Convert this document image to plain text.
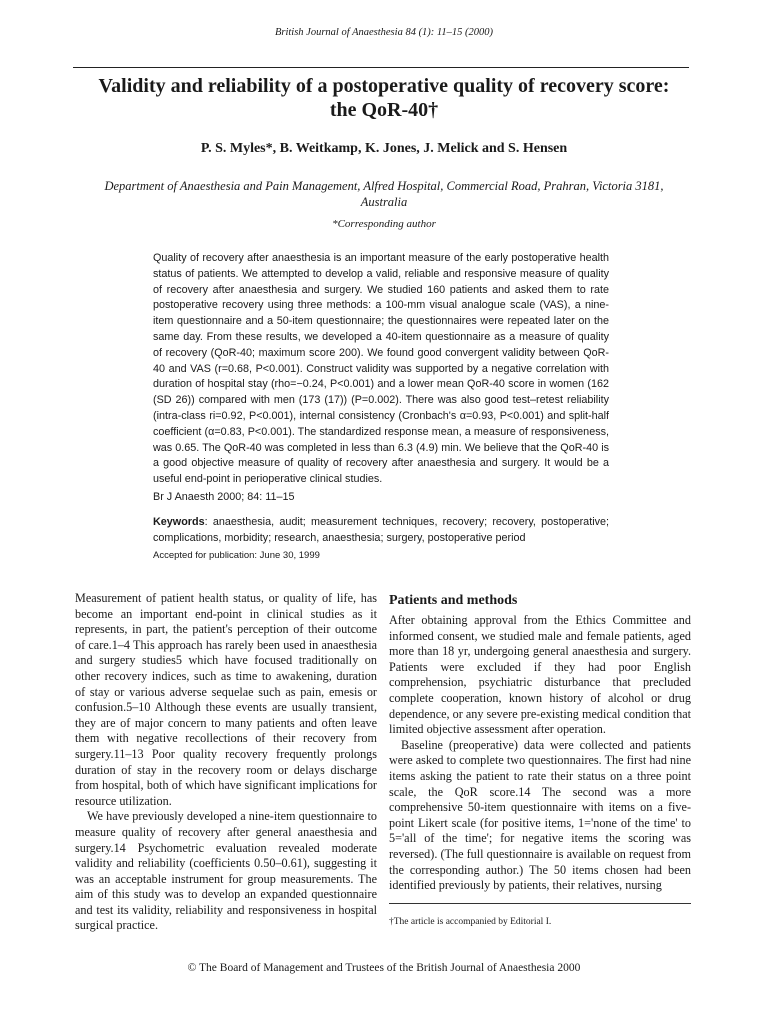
British Journal of Anaesthesia 84 (1): 11–15 (2000)
Validity and reliability of a postoperative quality of recovery score: the QoR-40†
P. S. Myles*, B. Weitkamp, K. Jones, J. Melick and S. Hensen
Department of Anaesthesia and Pain Management, Alfred Hospital, Commercial Road, Prahran, Victoria 3181, Australia
*Corresponding author
Quality of recovery after anaesthesia is an important measure of the early postoperative health status of patients. We attempted to develop a valid, reliable and responsive measure of quality of recovery after anaesthesia and surgery. We studied 160 patients and asked them to rate postoperative recovery using three methods: a 100-mm visual analogue scale (VAS), a nine-item questionnaire and a 50-item questionnaire; the questionnaires were repeated later on the same day. From these results, we developed a 40-item questionnaire as a measure of quality of recovery (QoR-40; maximum score 200). We found good convergent validity between QoR-40 and VAS (r=0.68, P<0.001). Construct validity was supported by a negative correlation with duration of hospital stay (rho=−0.24, P<0.001) and a lower mean QoR-40 score in women (162 (SD 26)) compared with men (173 (17)) (P=0.002). There was also good test–retest reliability (intra-class ri=0.92, P<0.001), internal consistency (Cronbach's α=0.93, P<0.001) and split-half coefficient (α=0.83, P<0.001). The standardized response mean, a measure of responsiveness, was 0.65. The QoR-40 was completed in less than 6.3 (4.9) min. We believe that the QoR-40 is a good objective measure of quality of recovery after anaesthesia and surgery. It would be a useful end-point in perioperative clinical studies.
Br J Anaesth 2000; 84: 11–15
Keywords: anaesthesia, audit; measurement techniques, recovery; recovery, postoperative; complications, morbidity; research, anaesthesia; surgery, postoperative period
Accepted for publication: June 30, 1999

Measurement of patient health status, or quality of life, has become an important end-point in clinical studies as it represents, in part, the patient's perception of their outcome of care.1–4 This approach has rarely been used in anaesthesia and surgery studies5 which have focused traditionally on other recovery indices, such as time to awakening, duration of stay or various adverse sequelae such as pain, emesis or confusion.5–10 Although these events are usually transient, they are of major concern to many patients and often leave them with negative recollections of their recovery from surgery.11–13 Poor quality recovery frequently prolongs duration of stay in the recovery room or delays discharge from hospital, both of which have significant implications for resource utilization.

We have previously developed a nine-item questionnaire to measure quality of recovery after general anaesthesia and surgery.14 Psychometric evaluation revealed moderate validity and reliability (coefficients 0.50–0.61), suggesting it was an acceptable instrument for group measurements. The aim of this study was to develop an expanded questionnaire and test its validity, reliability and responsiveness in hospital surgical practice.

Patients and methods

After obtaining approval from the Ethics Committee and informed consent, we studied male and female patients, aged more than 18 yr, undergoing general anaesthesia and surgery. Patients were excluded if they had poor English comprehension, psychiatric disturbance that precluded complete cooperation, known history of alcohol or drug dependence, or any severe pre-existing medical condition that limited objective assessment after operation.

Baseline (preoperative) data were collected and patients were asked to complete two questionnaires. The first had nine items asking the patient to rate their status on a three point scale, the QoR score.14 The second was a more comprehensive 50-item questionnaire with items on a five-point Likert scale (for positive items, 1='none of the time' to 5='all of the time'; for negative items the scoring was reversed). (The full questionnaire is available on request from the corresponding author.) The 50 items chosen had been identified previously by patients, their relatives, nursing

†The article is accompanied by Editorial I.
© The Board of Management and Trustees of the British Journal of Anaesthesia 2000
